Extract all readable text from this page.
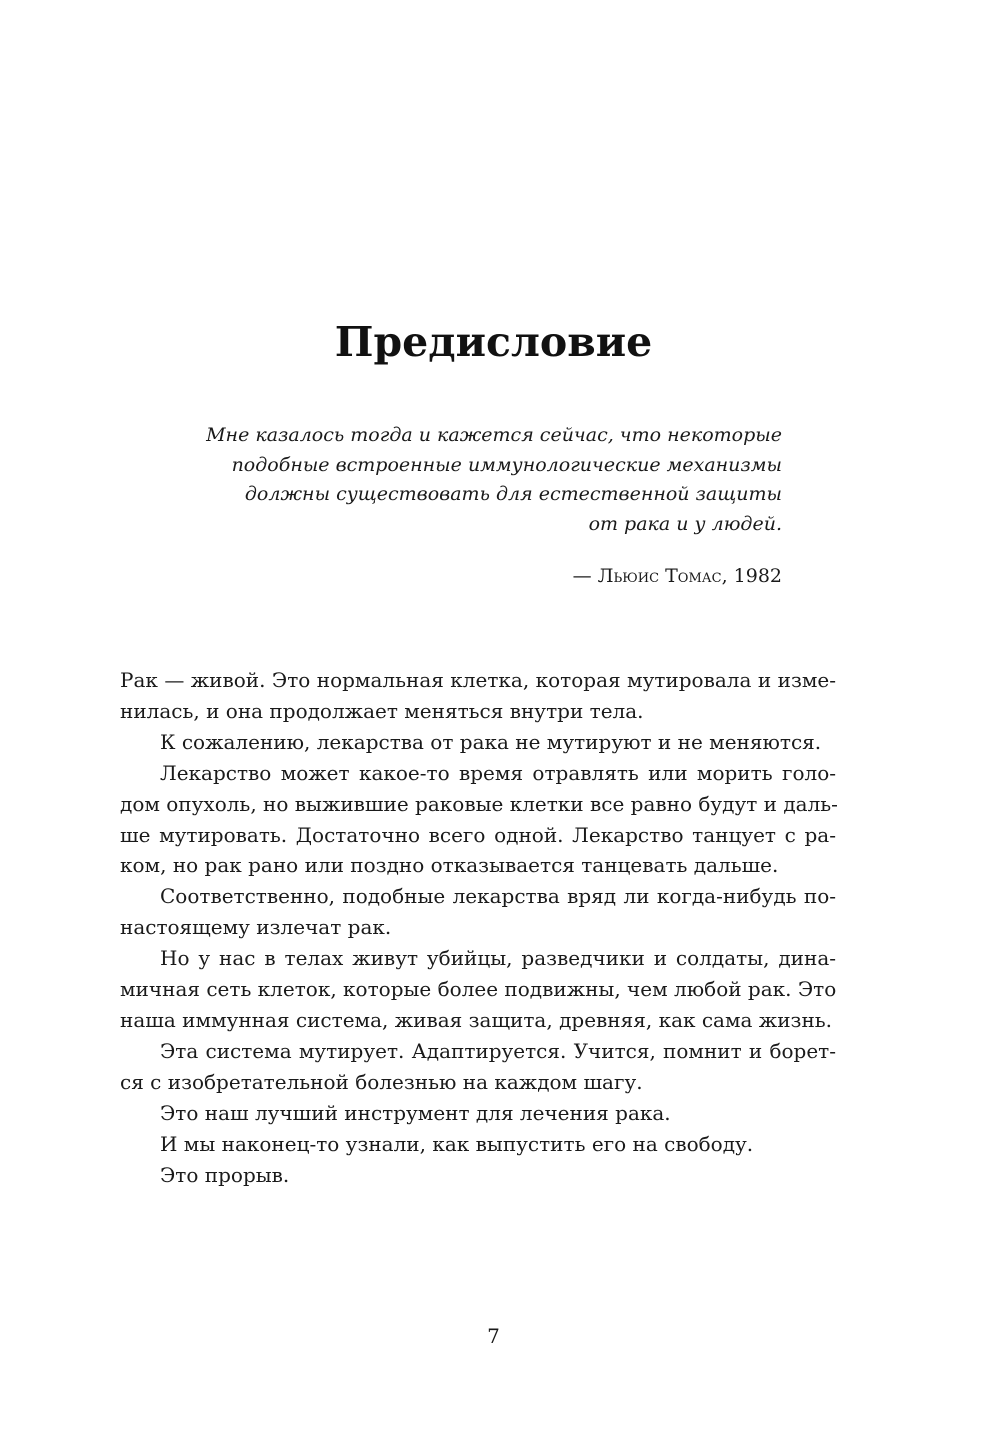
Предисловие
Мне казалось тогда и кажется сейчас, что некоторые
подобные встроенные иммунологические механизмы
должны существовать для естественной защиты
от рака и у людей.
— Льюис Томас, 1982
Рак — живой. Это нормальная клетка, которая мутировала и изме-
нилась, и она продолжает меняться внутри тела.
К сожалению, лекарства от рака не мутируют и не меняются.
Лекарство может какое-то время отравлять или морить голо-
дом опухоль, но выжившие раковые клетки все равно будут и даль-
ше мутировать. Достаточно всего одной. Лекарство танцует с ра-
ком, но рак рано или поздно отказывается танцевать дальше.
Соответственно, подобные лекарства вряд ли когда-нибудь по-
настоящему излечат рак.
Но у нас в телах живут убийцы, разведчики и солдаты, дина-
мичная сеть клеток, которые более подвижны, чем любой рак. Это
наша иммунная система, живая защита, древняя, как сама жизнь.
Эта система мутирует. Адаптируется. Учится, помнит и борет-
ся с изобретательной болезнью на каждом шагу.
Это наш лучший инструмент для лечения рака.
И мы наконец-то узнали, как выпустить его на свободу.
Это прорыв.
7
